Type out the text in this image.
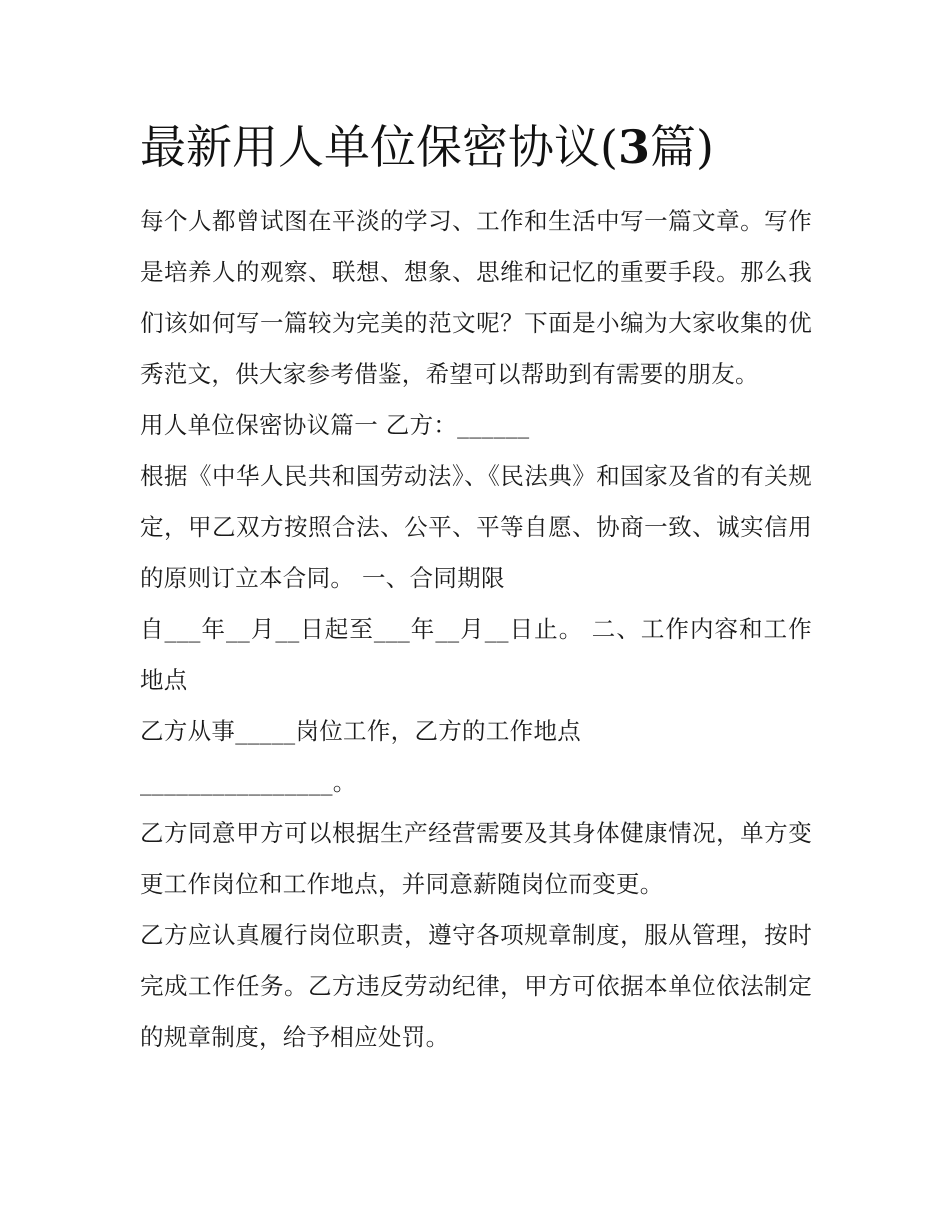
最新用人单位保密协议(3篇)

每个人都曾试图在平淡的学习、工作和生活中写一篇文章。写作是培养人的观察、联想、想象、思维和记忆的重要手段。那么我们该如何写一篇较为完美的范文呢？下面是小编为大家收集的优秀范文，供大家参考借鉴，希望可以帮助到有需要的朋友。

用人单位保密协议篇一 乙方：______

根据《中华人民共和国劳动法》、《民法典》和国家及省的有关规定，甲乙双方按照合法、公平、平等自愿、协商一致、诚实信用的原则订立本合同。 一、合同期限

自___年__月__日起至___年__月__日止。 二、工作内容和工作地点

乙方从事_____岗位工作，乙方的工作地点

________________。

乙方同意甲方可以根据生产经营需要及其身体健康情况，单方变更工作岗位和工作地点，并同意薪随岗位而变更。

乙方应认真履行岗位职责，遵守各项规章制度，服从管理，按时完成工作任务。乙方违反劳动纪律，甲方可依据本单位依法制定的规章制度，给予相应处罚。
